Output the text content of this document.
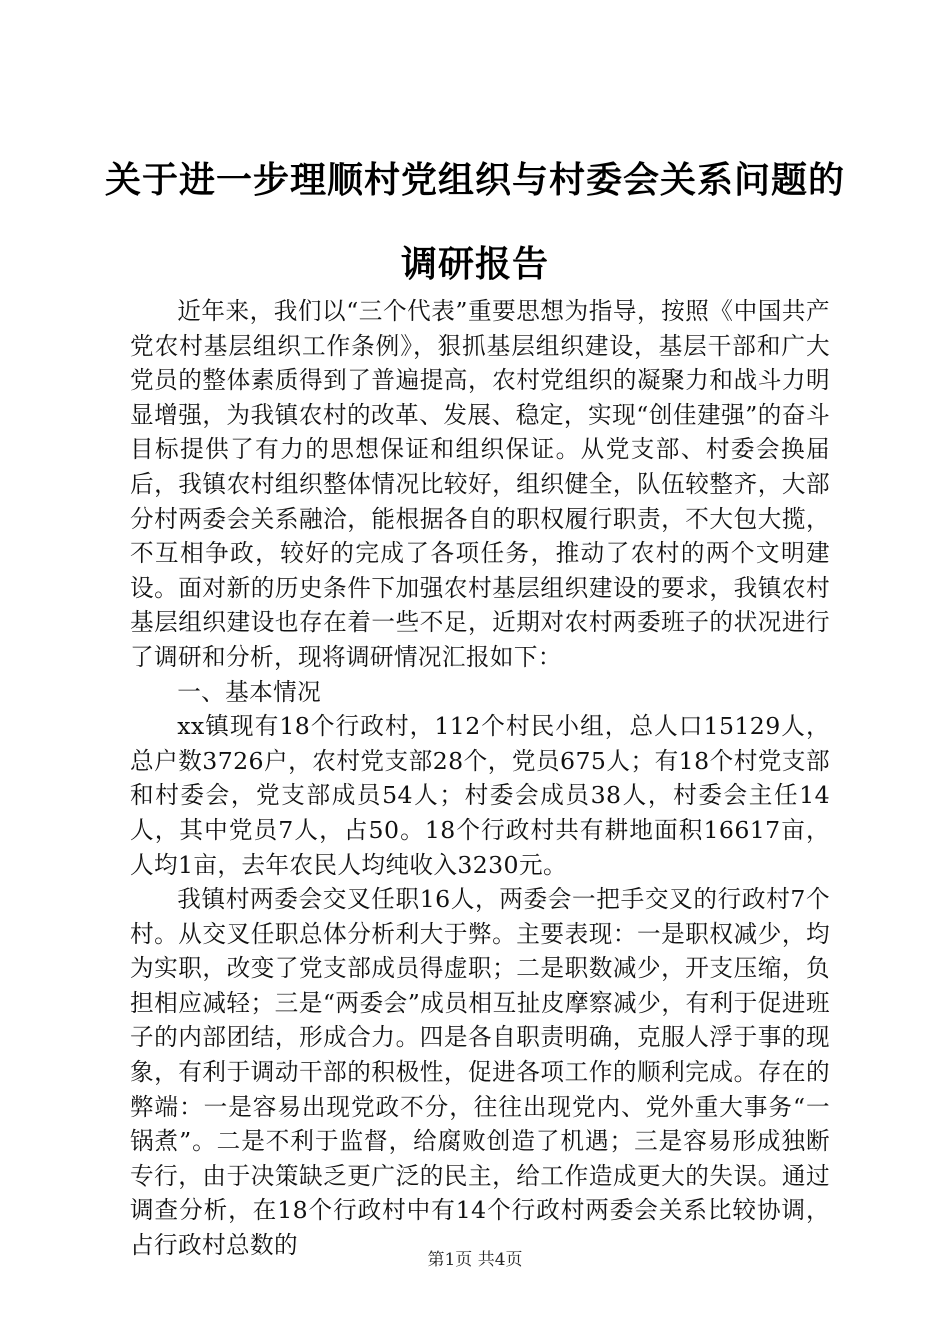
关于进一步理顺村党组织与村委会关系问题的
调研报告

近年来，我们以“三个代表”重要思想为指导，按照《中国共产党农村基层组织工作条例》，狠抓基层组织建设，基层干部和广大党员的整体素质得到了普遍提高，农村党组织的凝聚力和战斗力明显增强，为我镇农村的改革、发展、稳定，实现“创佳建强”的奋斗目标提供了有力的思想保证和组织保证。从党支部、村委会换届后，我镇农村组织整体情况比较好，组织健全，队伍较整齐，大部分村两委会关系融洽，能根据各自的职权履行职责，不大包大揽，不互相争政，较好的完成了各项任务，推动了农村的两个文明建设。面对新的历史条件下加强农村基层组织建设的要求，我镇农村基层组织建设也存在着一些不足，近期对农村两委班子的状况进行了调研和分析，现将调研情况汇报如下：

一、基本情况

xx镇现有18个行政村，112个村民小组，总人口15129人，总户数3726户，农村党支部28个，党员675人；有18个村党支部和村委会，党支部成员54人；村委会成员38人，村委会主任14人，其中党员7人，占50。18个行政村共有耕地面积16617亩，人均1亩，去年农民人均纯收入3230元。

我镇村两委会交叉任职16人，两委会一把手交叉的行政村7个村。从交叉任职总体分析利大于弊。主要表现：一是职权减少，均为实职，改变了党支部成员得虚职；二是职数减少，开支压缩，负担相应减轻；三是“两委会”成员相互扯皮摩察减少，有利于促进班子的内部团结，形成合力。四是各自职责明确，克服人浮于事的现象，有利于调动干部的积极性，促进各项工作的顺利完成。存在的弊端：一是容易出现党政不分，往往出现党内、党外重大事务“一锅煮”。二是不利于监督，给腐败创造了机遇；三是容易形成独断专行，由于决策缺乏更广泛的民主，给工作造成更大的失误。通过调查分析，在18个行政村中有14个行政村两委会关系比较协调，占行政村总数的

第1页 共4页
